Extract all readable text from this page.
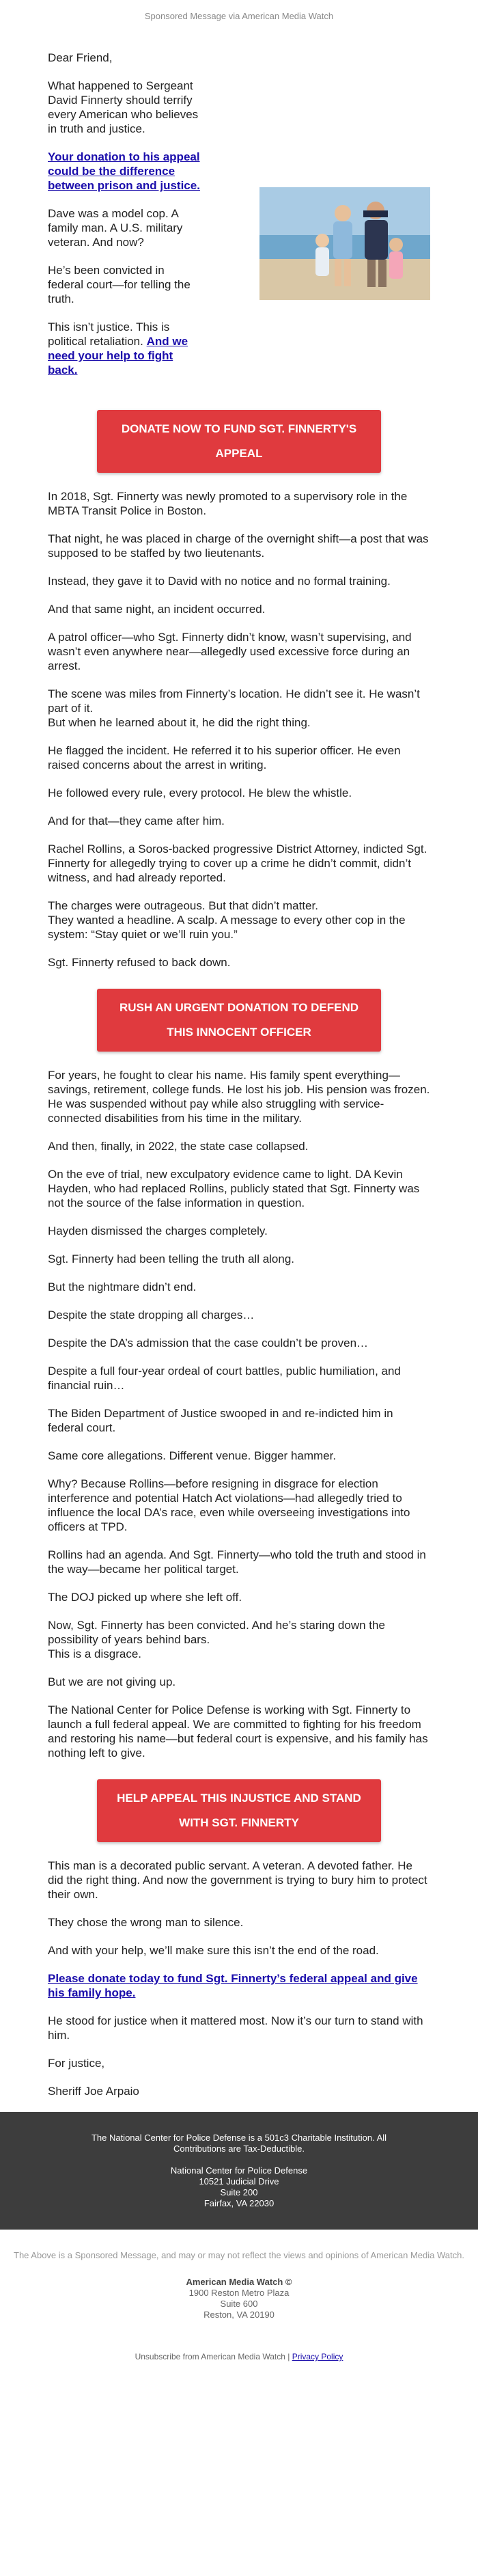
Sponsored Message via American Media Watch

Dear Friend,

What happened to Sergeant David Finnerty should terrify every American who believes in truth and justice.

Your donation to his appeal could be the difference between prison and justice.

Dave was a model cop. A family man. A U.S. military veteran. And now?

He’s been convicted in federal court—for telling the truth.

This isn’t justice. This is political retaliation. And we need your help to fight back.

DONATE NOW TO FUND SGT. FINNERTY'S APPEAL

In 2018, Sgt. Finnerty was newly promoted to a supervisory role in the MBTA Transit Police in Boston.

That night, he was placed in charge of the overnight shift—a post that was supposed to be staffed by two lieutenants.

Instead, they gave it to David with no notice and no formal training.

And that same night, an incident occurred.

A patrol officer—who Sgt. Finnerty didn’t know, wasn’t supervising, and wasn’t even anywhere near—allegedly used excessive force during an arrest.

The scene was miles from Finnerty’s location. He didn’t see it. He wasn’t part of it.
But when he learned about it, he did the right thing.

He flagged the incident. He referred it to his superior officer. He even raised concerns about the arrest in writing.

He followed every rule, every protocol. He blew the whistle.

And for that—they came after him.

Rachel Rollins, a Soros-backed progressive District Attorney, indicted Sgt. Finnerty for allegedly trying to cover up a crime he didn’t commit, didn’t witness, and had already reported.

The charges were outrageous. But that didn’t matter.
They wanted a headline. A scalp. A message to every other cop in the system: “Stay quiet or we’ll ruin you.”

Sgt. Finnerty refused to back down.

RUSH AN URGENT DONATION TO DEFEND THIS INNOCENT OFFICER

For years, he fought to clear his name. His family spent everything—savings, retirement, college funds. He lost his job. His pension was frozen. He was suspended without pay while also struggling with service-connected disabilities from his time in the military.

And then, finally, in 2022, the state case collapsed.

On the eve of trial, new exculpatory evidence came to light. DA Kevin Hayden, who had replaced Rollins, publicly stated that Sgt. Finnerty was not the source of the false information in question.

Hayden dismissed the charges completely.

Sgt. Finnerty had been telling the truth all along.

But the nightmare didn’t end.

Despite the state dropping all charges…

Despite the DA’s admission that the case couldn’t be proven…

Despite a full four-year ordeal of court battles, public humiliation, and financial ruin…

The Biden Department of Justice swooped in and re-indicted him in federal court.

Same core allegations. Different venue. Bigger hammer.

Why? Because Rollins—before resigning in disgrace for election interference and potential Hatch Act violations—had allegedly tried to influence the local DA’s race, even while overseeing investigations into officers at TPD.

Rollins had an agenda. And Sgt. Finnerty—who told the truth and stood in the way—became her political target.

The DOJ picked up where she left off.

Now, Sgt. Finnerty has been convicted. And he’s staring down the possibility of years behind bars.
This is a disgrace.

But we are not giving up.

The National Center for Police Defense is working with Sgt. Finnerty to launch a full federal appeal. We are committed to fighting for his freedom and restoring his name—but federal court is expensive, and his family has nothing left to give.

HELP APPEAL THIS INJUSTICE AND STAND WITH SGT. FINNERTY

This man is a decorated public servant. A veteran. A devoted father. He did the right thing. And now the government is trying to bury him to protect their own.

They chose the wrong man to silence.

And with your help, we’ll make sure this isn’t the end of the road.

Please donate today to fund Sgt. Finnerty’s federal appeal and give his family hope.

He stood for justice when it mattered most. Now it’s our turn to stand with him.

For justice,

Sheriff Joe Arpaio

The National Center for Police Defense is a 501c3 Charitable Institution. All Contributions are Tax-Deductible.

National Center for Police Defense
10521 Judicial Drive
Suite 200
Fairfax, VA 22030
The Above is a Sponsored Message, and may or may not reflect the views and opinions of American Media Watch.
American Media Watch ©
1900 Reston Metro Plaza
Suite 600
Reston, VA 20190
Unsubscribe from American Media Watch | Privacy Policy
